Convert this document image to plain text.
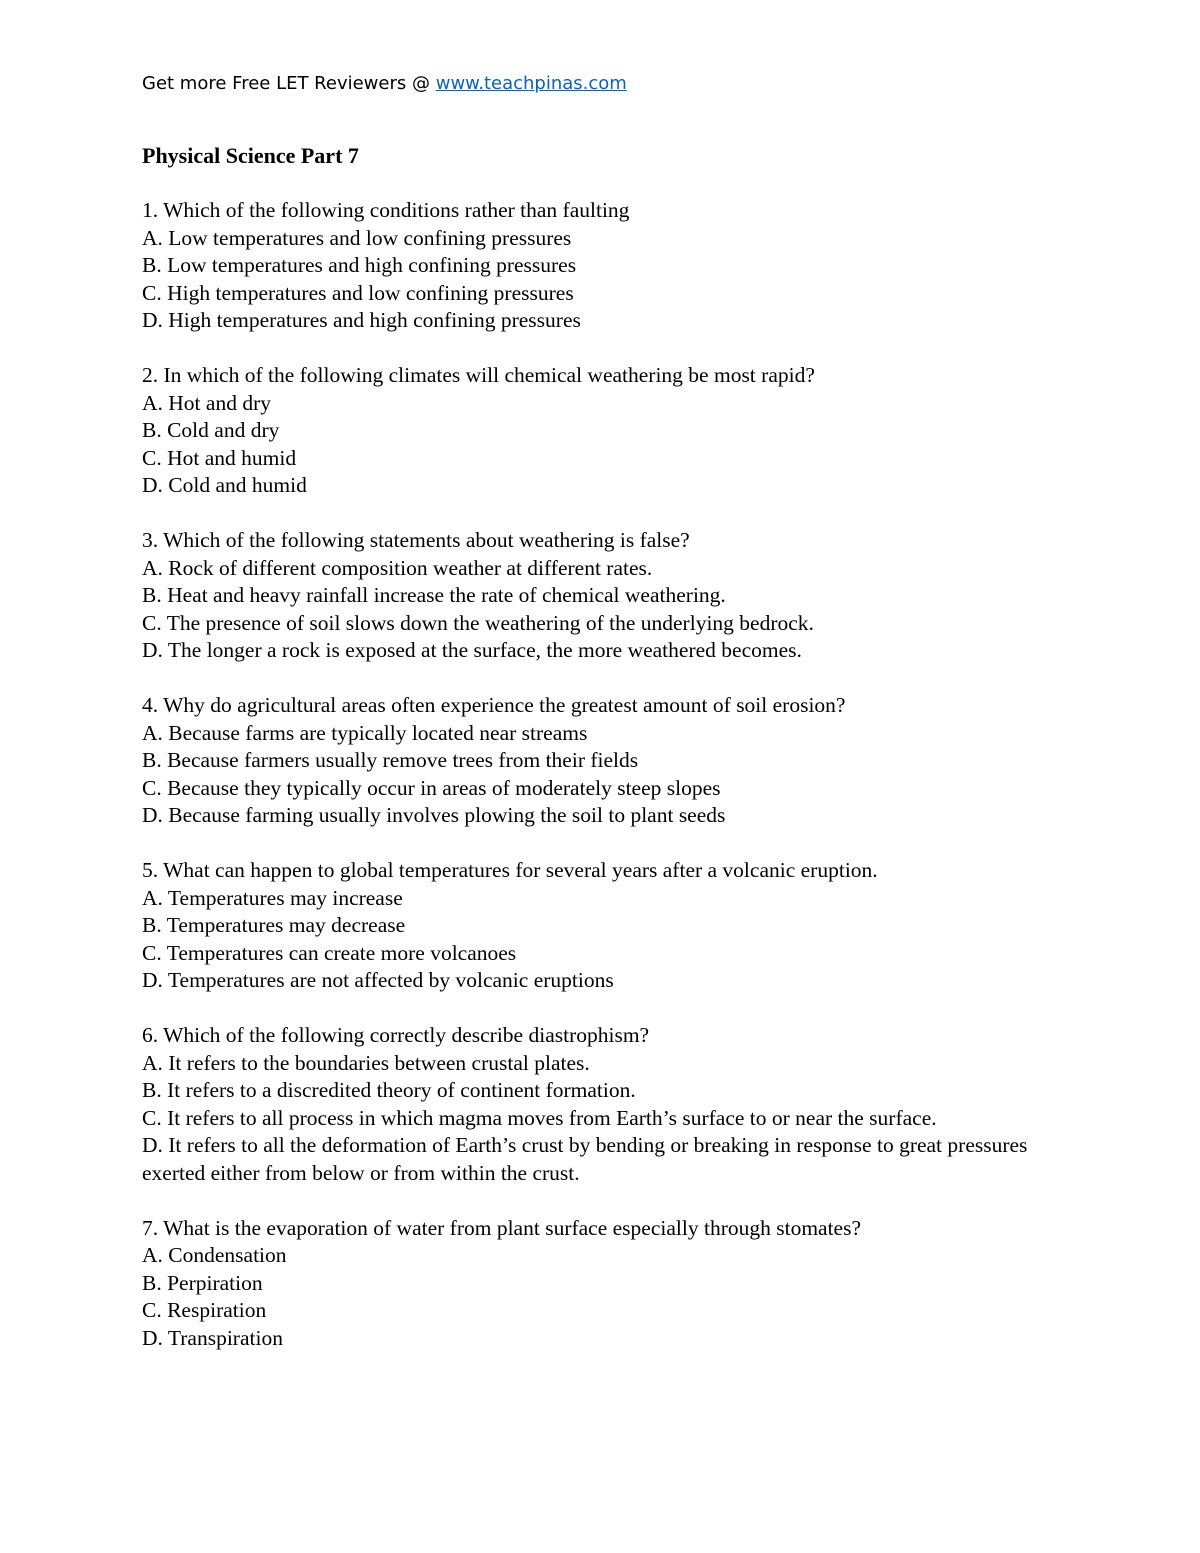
Get more Free LET Reviewers @ www.teachpinas.com
Physical Science Part 7
1. Which of the following conditions rather than faulting
A. Low temperatures and low confining pressures
B. Low temperatures and high confining pressures
C. High temperatures and low confining pressures
D. High temperatures and high confining pressures
2. In which of the following climates will chemical weathering be most rapid?
A. Hot and dry
B. Cold and dry
C. Hot and humid
D. Cold and humid
3. Which of the following statements about weathering is false?
A. Rock of different composition weather at different rates.
B. Heat and heavy rainfall increase the rate of chemical weathering.
C. The presence of soil slows down the weathering of the underlying bedrock.
D. The longer a rock is exposed at the surface, the more weathered becomes.
4. Why do agricultural areas often experience the greatest amount of soil erosion?
A. Because farms are typically located near streams
B. Because farmers usually remove trees from their fields
C. Because they typically occur in areas of moderately steep slopes
D. Because farming usually involves plowing the soil to plant seeds
5. What can happen to global temperatures for several years after a volcanic eruption.
A. Temperatures may increase
B. Temperatures may decrease
C. Temperatures can create more volcanoes
D. Temperatures are not affected by volcanic eruptions
6. Which of the following correctly describe diastrophism?
A. It refers to the boundaries between crustal plates.
B. It refers to a discredited theory of continent formation.
C. It refers to all process in which magma moves from Earth’s surface to or near the surface.
D. It refers to all the deformation of Earth’s crust by bending or breaking in response to great pressures exerted either from below or from within the crust.
7. What is the evaporation of water from plant surface especially through stomates?
A. Condensation
B. Perpiration
C. Respiration
D. Transpiration
